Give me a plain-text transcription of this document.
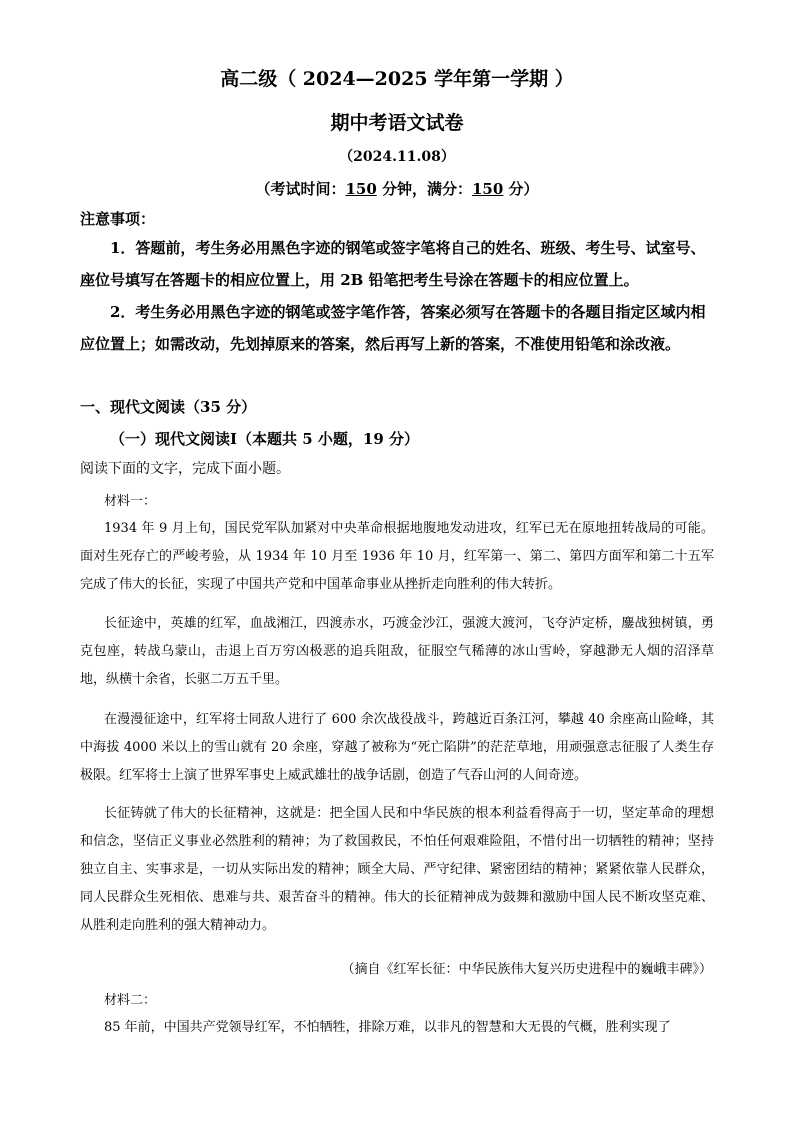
高二级（ 2024—2025 学年第一学期 ）
期中考语文试卷
（2024.11.08）
（考试时间：150 分钟，满分：150 分）
注意事项：
1．答题前，考生务必用黑色字迹的钢笔或签字笔将自己的姓名、班级、考生号、试室号、座位号填写在答题卡的相应位置上，用 2B 铅笔把考生号涂在答题卡的相应位置上。
2．考生务必用黑色字迹的钢笔或签字笔作答，答案必须写在答题卡的各题目指定区域内相应位置上；如需改动，先划掉原来的答案，然后再写上新的答案，不准使用铅笔和涂改液。
一、现代文阅读（35 分）
（一）现代文阅读Ⅰ（本题共 5 小题，19 分）
阅读下面的文字，完成下面小题。
材料一：
1934 年 9 月上旬，国民党军队加紧对中央革命根据地腹地发动进攻，红军已无在原地扭转战局的可能。面对生死存亡的严峻考验，从 1934 年 10 月至 1936 年 10 月，红军第一、第二、第四方面军和第二十五军完成了伟大的长征，实现了中国共产党和中国革命事业从挫折走向胜利的伟大转折。
长征途中，英雄的红军，血战湘江，四渡赤水，巧渡金沙江，强渡大渡河，飞夺泸定桥，鏖战独树镇，勇克包座，转战乌蒙山，击退上百万穷凶极恶的追兵阻敌，征服空气稀薄的冰山雪岭，穿越渺无人烟的沼泽草地，纵横十余省，长驱二万五千里。
在漫漫征途中，红军将士同敌人进行了 600 余次战役战斗，跨越近百条江河，攀越 40 余座高山险峰，其中海拔 4000 米以上的雪山就有 20 余座，穿越了被称为“死亡陷阱”的茫茫草地，用顽强意志征服了人类生存极限。红军将士上演了世界军事史上威武雄壮的战争话剧，创造了气吞山河的人间奇迹。
长征铸就了伟大的长征精神，这就是：把全国人民和中华民族的根本利益看得高于一切，坚定革命的理想和信念，坚信正义事业必然胜利的精神；为了救国救民，不怕任何艰难险阻，不惜付出一切牺牲的精神；坚持独立自主、实事求是，一切从实际出发的精神；顾全大局、严守纪律、紧密团结的精神；紧紧依靠人民群众，同人民群众生死相依、患难与共、艰苦奋斗的精神。伟大的长征精神成为鼓舞和激励中国人民不断攻坚克难、从胜利走向胜利的强大精神动力。
（摘自《红军长征：中华民族伟大复兴历史进程中的巍峨丰碑》）
材料二：
85 年前，中国共产党领导红军，不怕牺牲，排除万难，以非凡的智慧和大无畏的气概，胜利实现了
